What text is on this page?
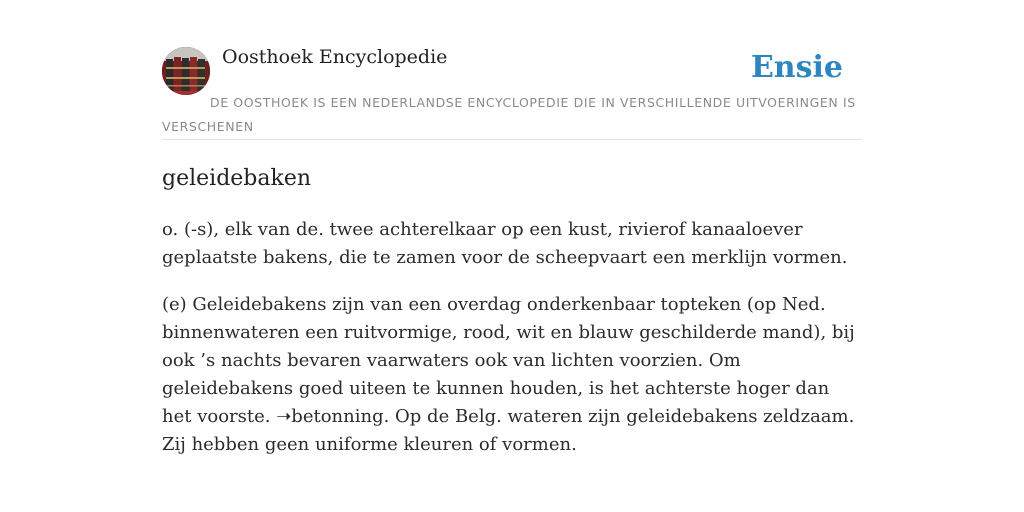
Oosthoek Encyclopedie	Ensie
DE OOSTHOEK IS EEN NEDERLANDSE ENCYCLOPEDIE DIE IN VERSCHILLENDE UITVOERINGEN IS VERSCHENEN
geleidebaken

o. (-s), elk van de. twee achterelkaar op een kust, rivierof kanaaloever geplaatste bakens, die te zamen voor de scheepvaart een merklijn vormen.

(e) Geleidebakens zijn van een overdag onderkenbaar topteken (op Ned. binnenwateren een ruitvormige, rood, wit en blauw geschilderde mand), bij ook ’s nachts bevaren vaarwaters ook van lichten voorzien. Om geleidebakens goed uiteen te kunnen houden, is het achterste hoger dan het voorste. ➝betonning. Op de Belg. wateren zijn geleidebakens zeldzaam. Zij hebben geen uniforme kleuren of vormen.
